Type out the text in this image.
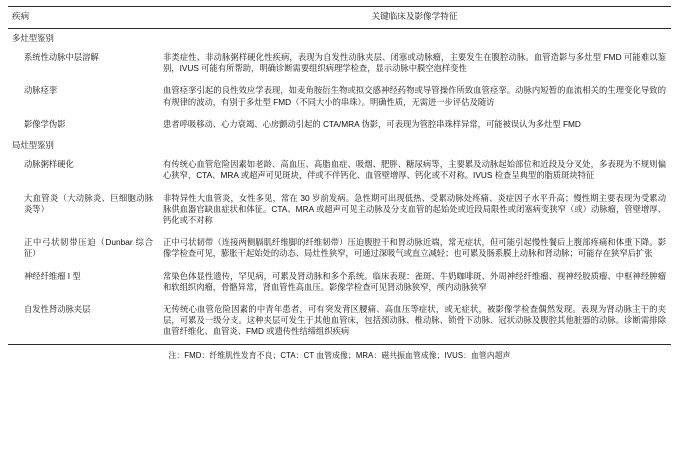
疾病	关键临床及影像学特征
多灶型鉴别	
系统性动脉中层溶解	非类症性、非动脉粥样硬化性疾病，表现为自发性动脉夹层、闭塞或动脉瘤，主要发生在腹腔动脉。血管造影与多灶型 FMD 可能难以鉴别，IVUS 可能有所帮助，明确诊断需要组织病理学检查，显示动脉中膜空泡样变性
动脉痉挛	血管痉挛引起的良性效应学表现，如麦角胺衍生物或拟交感神经药物或导管操作所致血管痉挛。动脉内短暂的血流相关的生理变化导致的有规律的波动，有别于多灶型 FMD（不同大小的串珠）。明确性质，无需进一步评估及随访
影像学伪影	患者呼吸移动、心力衰竭、心房颤动引起的 CTA/MRA 伪影，可表现为管腔串珠样异常，可能被误认为多灶型 FMD
局灶型鉴别	
动脉粥样硬化	有传统心血管危险因素如老龄、高血压、高脂血症、吸烟、肥胖、糖尿病等，主要累及动脉起始部位和近段及分叉处，多表现为不规则偏心狭窄，CTA、MRA 或超声可见斑块，伴或不伴钙化、血管壁增厚、钙化或不对称。IVUS 检查呈典型的脂质斑块特征
大血管炎（大动脉炎、巨细胞动脉炎等）	非特异性大血管炎，女性多见，常在 30 岁前发病。急性期可出现低热、受累动脉处疼痛、炎症因子水平升高；慢性期主要表现为受累动脉供血器官缺血症状和体征。CTA、MRA 或超声可见主动脉及分支血管的起始处或近段局限性或闭塞病变狭窄（或）动脉瘤，管壁增厚、钙化或不对称
正中弓状韧带压迫（Dunbar 综合征）	正中弓状韧带（连接两侧膈肌纤维脚的纤维韧带）压迫腹腔干和胃动脉近端，常无症状，但可能引起慢性餐后上腹部疼痛和体重下降。影像学检查可见，膨胀干起始处的动态、局灶性狭窄，可通过深吸气或直立减轻；也可累及肠系膜上动脉和肾动脉；可能存在狭窄后扩张
神经纤维瘤 I 型	常染色体显性遗传，罕见病，可累及肾动脉和多个系统。临床表现：雀斑、牛奶咖啡斑、外周神经纤维瘤、视神经胶质瘤、中枢神经肿瘤和软组织肉瘤，骨骼异常，肾血管性高血压。影像学检查可见肾动脉狭窄，颅内动脉狭窄
自发性肾动脉夹层	无传统心血管危险因素的中青年患者，可有突发背区腰痛、高血压等症状，或无症状，被影像学检查偶然发现。表现为肾动脉主干的夹层，可累及一级分支。这种夹层可发生于其他血管床，包括颈动脉、椎动脉、锁骨下动脉、冠状动脉及腹腔其他脏器的动脉。诊断需排除血管纤维化、血管炎、FMD 或遗传性结缔组织疾病
注：FMD：纤维肌性发育不良；CTA：CT 血管成像；MRA：磁共振血管成像；IVUS：血管内超声
